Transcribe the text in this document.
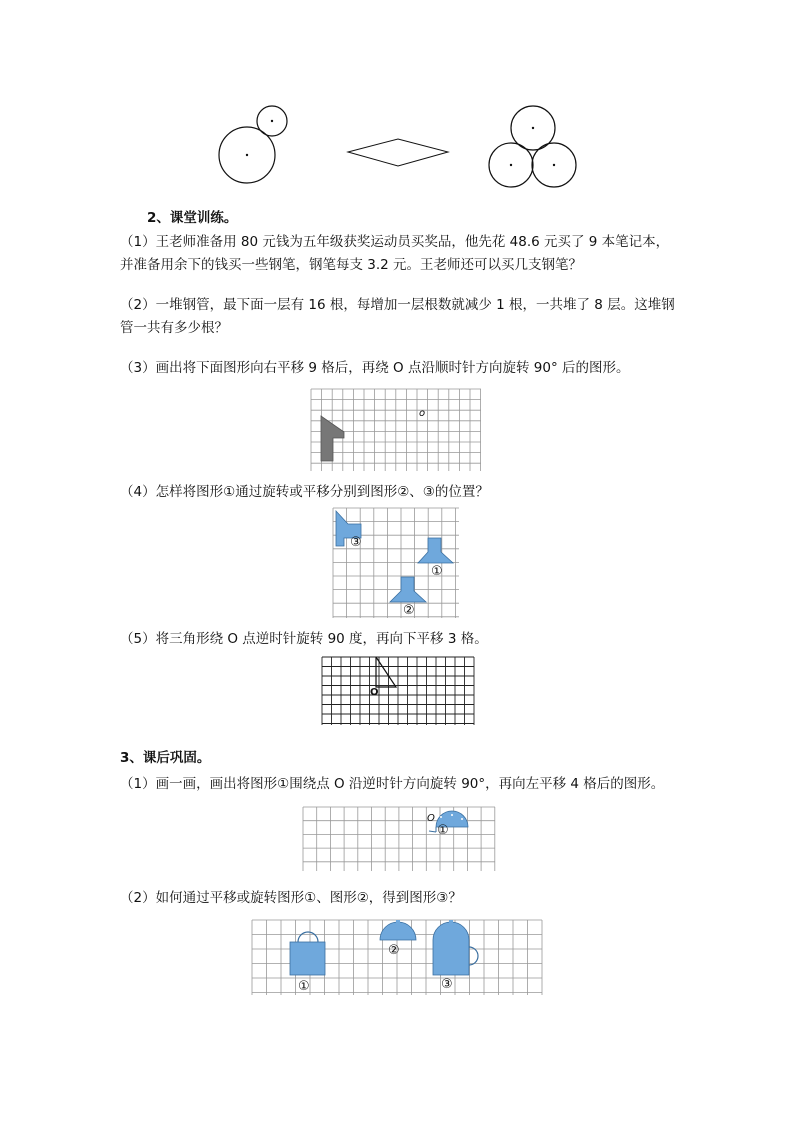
2、课堂训练。
（1）王老师准备用 80 元钱为五年级获奖运动员买奖品，他先花 48.6 元买了 9 本笔记本，
并准备用余下的钱买一些钢笔，钢笔每支 3.2 元。王老师还可以买几支钢笔？
（2）一堆钢管，最下面一层有 16 根，每增加一层根数就减少 1 根，一共堆了 8 层。这堆钢
管一共有多少根？
（3）画出将下面图形向右平移 9 格后，再绕 O 点沿顺时针方向旋转 90° 后的图形。
o
（4）怎样将图形①通过旋转或平移分别到图形②、③的位置？
③
①
②
（5）将三角形绕 O 点逆时针旋转 90 度，再向下平移 3 格。
O
3、课后巩固。
（1）画一画，画出将图形①围绕点 O 沿逆时针方向旋转 90°，再向左平移 4 格后的图形。
O
①
（2）如何通过平移或旋转图形①、图形②，得到图形③？
①
②
③
